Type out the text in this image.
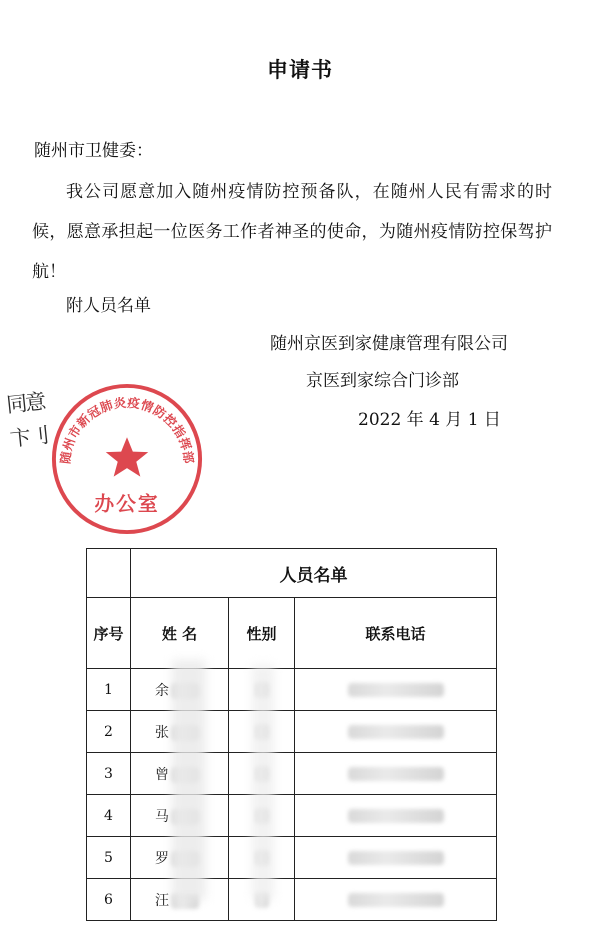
申请书
随州市卫健委：
我公司愿意加入随州疫情防控预备队，在随州人民有需求的时候，愿意承担起一位医务工作者神圣的使命，为随州疫情防控保驾护航！
附人员名单
随州京医到家健康管理有限公司
京医到家综合门诊部
2022 年 4 月 1 日
同意
卞刂
随州市新冠肺炎疫情防控指挥部
办公室
	人员名单		
序号	姓 名	性别	联系电话
1	余		
2	张		
3	曾		
4	马		
5	罗		
6	汪		
